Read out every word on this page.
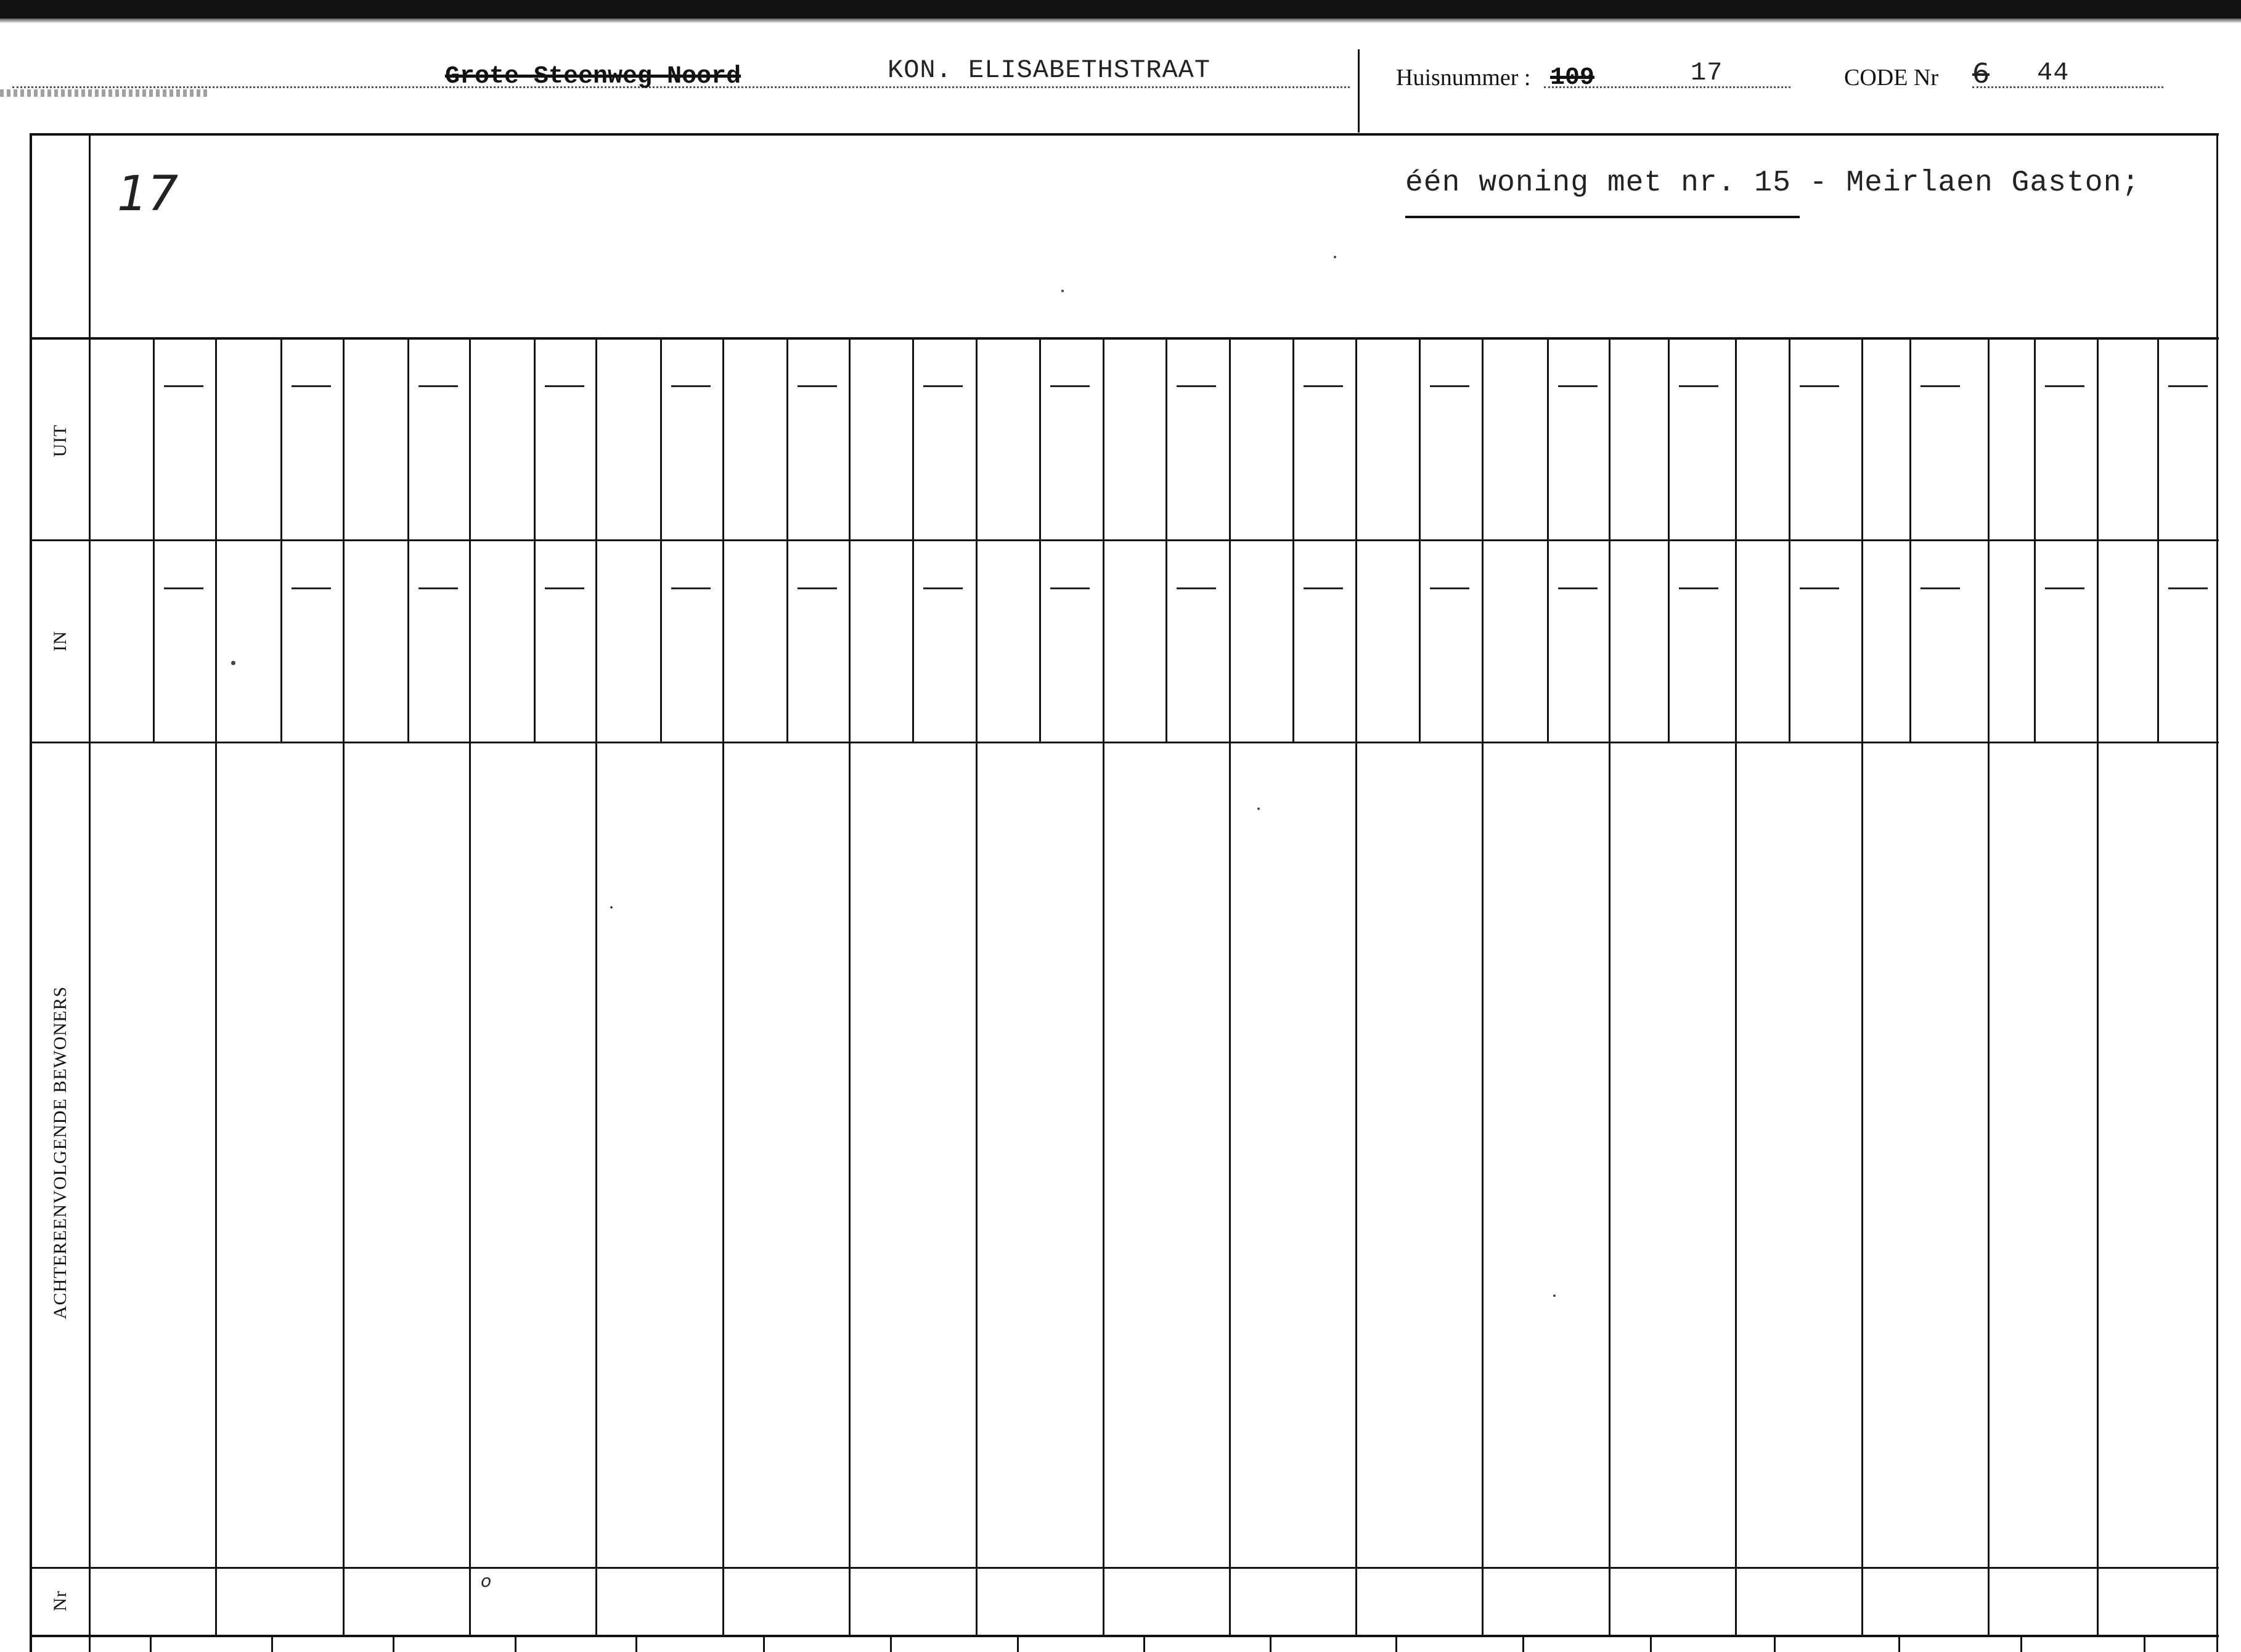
Grote Steenweg Noord	KON. ELISABETHSTRAAT	Huisnummer : 109	17	CODE Nr 6 44
17	één woning met nr. 15 - Meirlaen Gaston;
UIT
IN
ACHTEREENVOLGENDE BEWONERS
Nr
o
